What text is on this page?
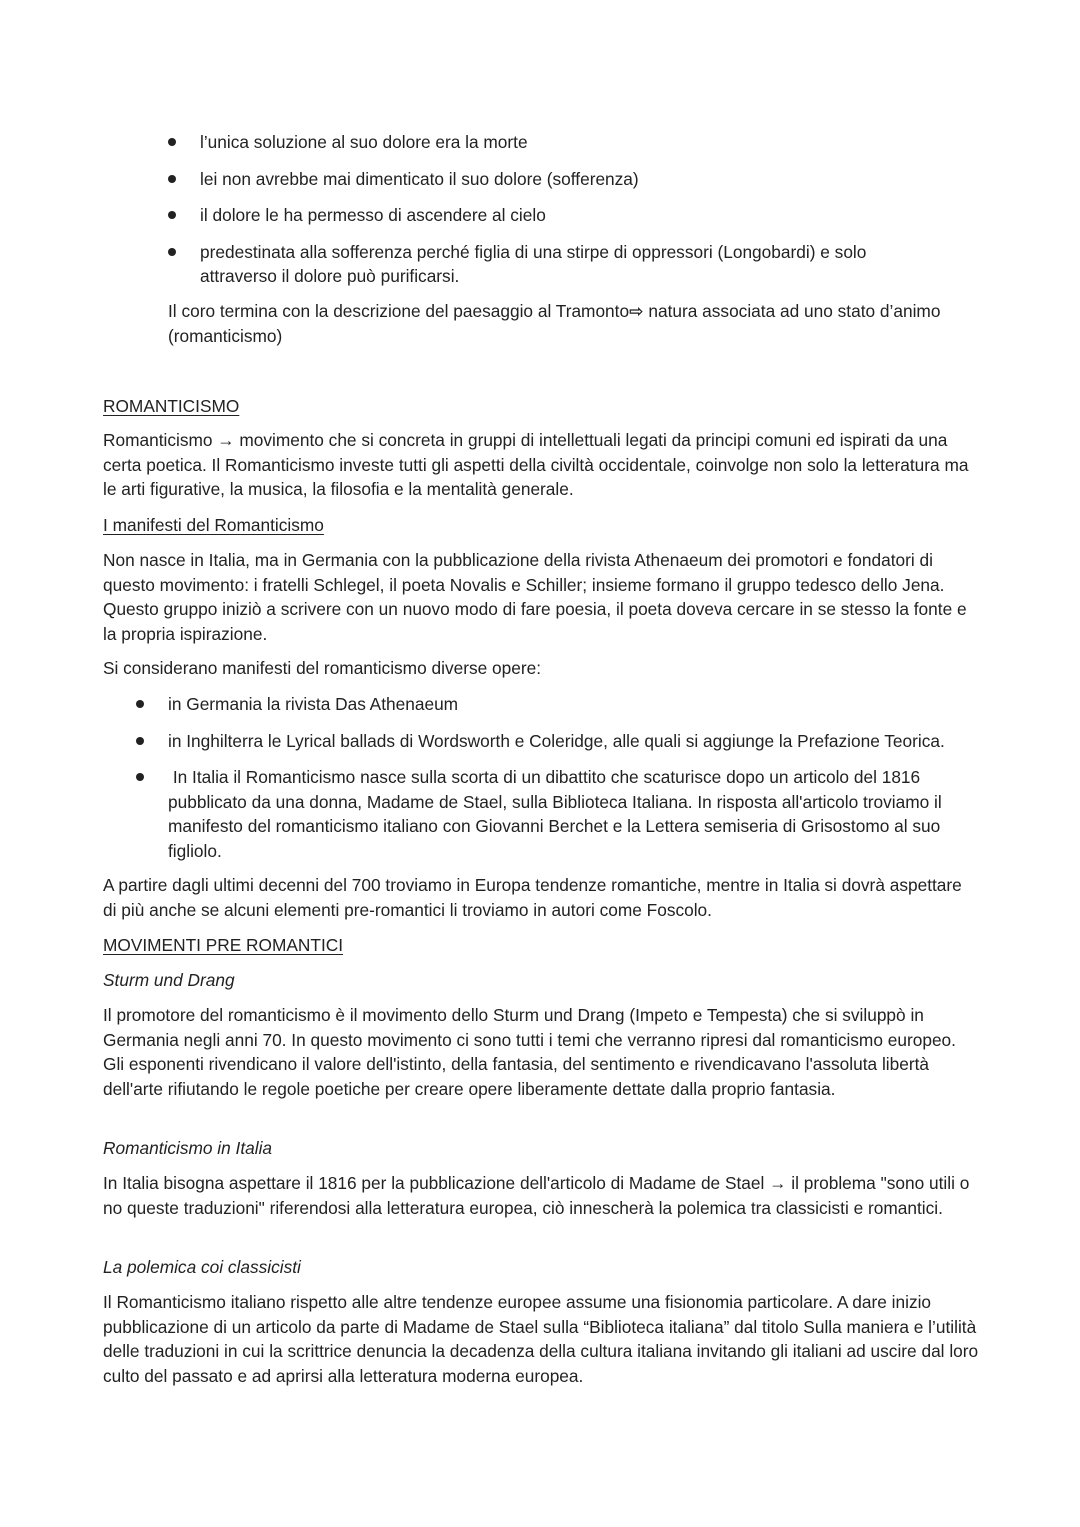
l’unica soluzione al suo dolore era la morte
lei non avrebbe mai dimenticato il suo dolore (sofferenza)
il dolore le ha permesso di ascendere al cielo
predestinata alla sofferenza perché figlia di una stirpe di oppressori (Longobardi) e solo attraverso il dolore può purificarsi.

Il coro termina con la descrizione del paesaggio al Tramonto⇨ natura associata ad uno stato d’animo (romanticismo)

ROMANTICISMO

Romanticismo → movimento che si concreta in gruppi di intellettuali legati da principi comuni ed ispirati da una certa poetica. Il Romanticismo investe tutti gli aspetti della civiltà occidentale, coinvolge non solo la letteratura ma le arti figurative, la musica, la filosofia e la mentalità generale.

I manifesti del Romanticismo

Non nasce in Italia, ma in Germania con la pubblicazione della rivista Athenaeum dei promotori e fondatori di questo movimento: i fratelli Schlegel, il poeta Novalis e Schiller; insieme formano il gruppo tedesco dello Jena. Questo gruppo iniziò a scrivere con un nuovo modo di fare poesia, il poeta doveva cercare in se stesso la fonte e la propria ispirazione.

Si considerano manifesti del romanticismo diverse opere:

in Germania la rivista Das Athenaeum
in Inghilterra le Lyrical ballads di Wordsworth e Coleridge, alle quali si aggiunge la Prefazione Teorica.
In Italia il Romanticismo nasce sulla scorta di un dibattito che scaturisce dopo un articolo del 1816 pubblicato da una donna, Madame de Stael, sulla Biblioteca Italiana. In risposta all'articolo troviamo il manifesto del romanticismo italiano con Giovanni Berchet e la Lettera semiseria di Grisostomo al suo figliolo.

A partire dagli ultimi decenni del 700 troviamo in Europa tendenze romantiche, mentre in Italia si dovrà aspettare di più anche se alcuni elementi pre-romantici li troviamo in autori come Foscolo.

MOVIMENTI PRE ROMANTICI
Sturm und Drang

Il promotore del romanticismo è il movimento dello Sturm und Drang (Impeto e Tempesta) che si sviluppò in Germania negli anni 70. In questo movimento ci sono tutti i temi che verranno ripresi dal romanticismo europeo. Gli esponenti rivendicano il valore dell'istinto, della fantasia, del sentimento e rivendicavano l'assoluta libertà dell'arte rifiutando le regole poetiche per creare opere liberamente dettate dalla proprio fantasia.

Romanticismo in Italia

In Italia bisogna aspettare il 1816 per la pubblicazione dell'articolo di Madame de Stael → il problema "sono utili o no queste traduzioni" riferendosi alla letteratura europea, ciò innescherà la polemica tra classicisti e romantici.

La polemica coi classicisti

Il Romanticismo italiano rispetto alle altre tendenze europee assume una fisionomia particolare. A dare inizio pubblicazione di un articolo da parte di Madame de Stael sulla “Biblioteca italiana” dal titolo Sulla maniera e l’utilità delle traduzioni in cui la scrittrice denuncia la decadenza della cultura italiana invitando gli italiani ad uscire dal loro culto del passato e ad aprirsi alla letteratura moderna europea.
